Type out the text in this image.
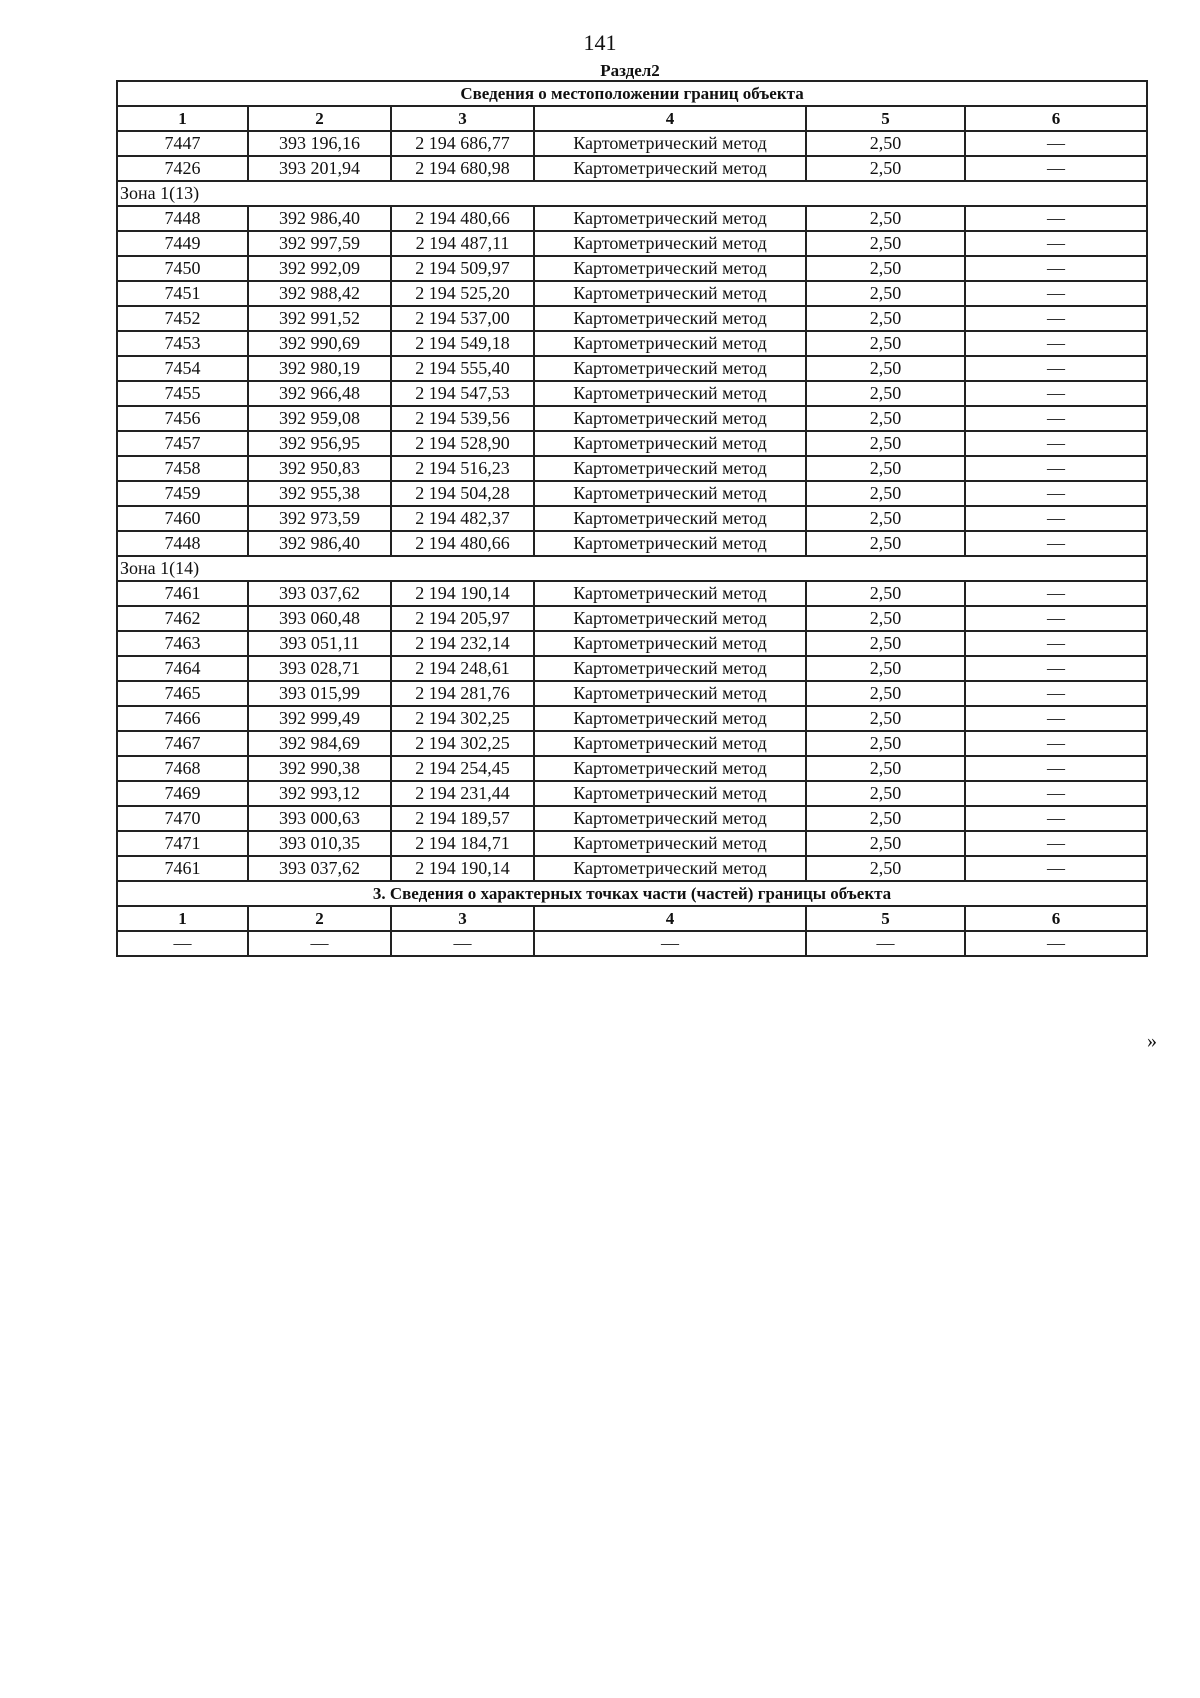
141
Раздел2
Сведения о местоположении границ объекта					
1	2	3	4	5	6
7447	393 196,16	2 194 686,77	Картометрический метод	2,50	—
7426	393 201,94	2 194 680,98	Картометрический метод	2,50	—
Зона 1(13)					
7448	392 986,40	2 194 480,66	Картометрический метод	2,50	—
7449	392 997,59	2 194 487,11	Картометрический метод	2,50	—
7450	392 992,09	2 194 509,97	Картометрический метод	2,50	—
7451	392 988,42	2 194 525,20	Картометрический метод	2,50	—
7452	392 991,52	2 194 537,00	Картометрический метод	2,50	—
7453	392 990,69	2 194 549,18	Картометрический метод	2,50	—
7454	392 980,19	2 194 555,40	Картометрический метод	2,50	—
7455	392 966,48	2 194 547,53	Картометрический метод	2,50	—
7456	392 959,08	2 194 539,56	Картометрический метод	2,50	—
7457	392 956,95	2 194 528,90	Картометрический метод	2,50	—
7458	392 950,83	2 194 516,23	Картометрический метод	2,50	—
7459	392 955,38	2 194 504,28	Картометрический метод	2,50	—
7460	392 973,59	2 194 482,37	Картометрический метод	2,50	—
7448	392 986,40	2 194 480,66	Картометрический метод	2,50	—
Зона 1(14)					
7461	393 037,62	2 194 190,14	Картометрический метод	2,50	—
7462	393 060,48	2 194 205,97	Картометрический метод	2,50	—
7463	393 051,11	2 194 232,14	Картометрический метод	2,50	—
7464	393 028,71	2 194 248,61	Картометрический метод	2,50	—
7465	393 015,99	2 194 281,76	Картометрический метод	2,50	—
7466	392 999,49	2 194 302,25	Картометрический метод	2,50	—
7467	392 984,69	2 194 302,25	Картометрический метод	2,50	—
7468	392 990,38	2 194 254,45	Картометрический метод	2,50	—
7469	392 993,12	2 194 231,44	Картометрический метод	2,50	—
7470	393 000,63	2 194 189,57	Картометрический метод	2,50	—
7471	393 010,35	2 194 184,71	Картометрический метод	2,50	—
7461	393 037,62	2 194 190,14	Картометрический метод	2,50	—
3. Сведения о характерных точках части (частей) границы объекта					
1	2	3	4	5	6
—	—	—	—	—	—
»
